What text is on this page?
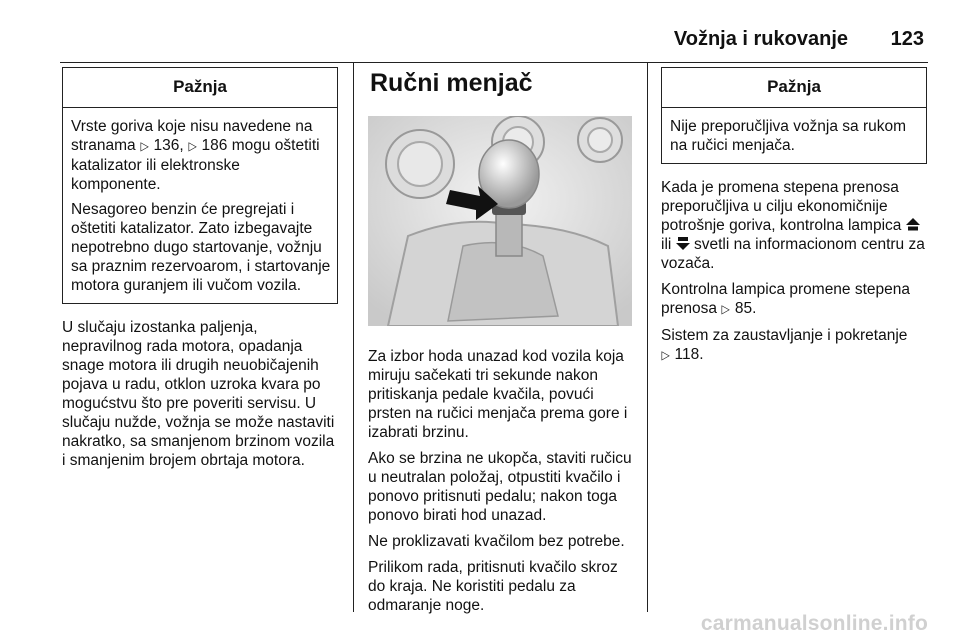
Vožnja i rukovanje 123
Pažnja

Vrste goriva koje nisu navedene na stranama ▷ 136, ▷ 186 mogu oštetiti katalizator ili elektronske komponente.

Nesagoreo benzin će pregrejati i oštetiti katalizator. Zato izbegavajte nepotrebno dugo startovanje, vožnju sa praznim rezervoarom, i startovanje motora guranjem ili vučom vozila.

U slučaju izostanka paljenja, nepravilnog rada motora, opadanja snage motora ili drugih neuobičajenih pojava u radu, otklon uzroka kvara po mogućstvu što pre poveriti servisu. U slučaju nužde, vožnja se može nastaviti nakratko, sa smanjenom brzinom vozila i smanjenim brojem obrtaja motora.

Ručni menjač

Za izbor hoda unazad kod vozila koja miruju sačekati tri sekunde nakon pritiskanja pedale kvačila, povući prsten na ručici menjača prema gore i izabrati brzinu.

Ako se brzina ne ukopča, staviti ručicu u neutralan položaj, otpustiti kvačilo i ponovo pritisnuti pedalu; nakon toga ponovo birati hod unazad.

Ne proklizavati kvačilom bez potrebe.

Prilikom rada, pritisnuti kvačilo skroz do kraja. Ne koristiti pedalu za odmaranje noge.

Pažnja
Nije preporučljiva vožnja sa rukom na ručici menjača.

Kada je promena stepena prenosa preporučljiva u cilju ekonomičnije potrošnje goriva, kontrolna lampica  ili svetli na informacionom centru za vozača.

Kontrolna lampica promene stepena prenosa ▷ 85.

Sistem za zaustavljanje i pokretanje
▷ 118.

carmanualsonline.info
